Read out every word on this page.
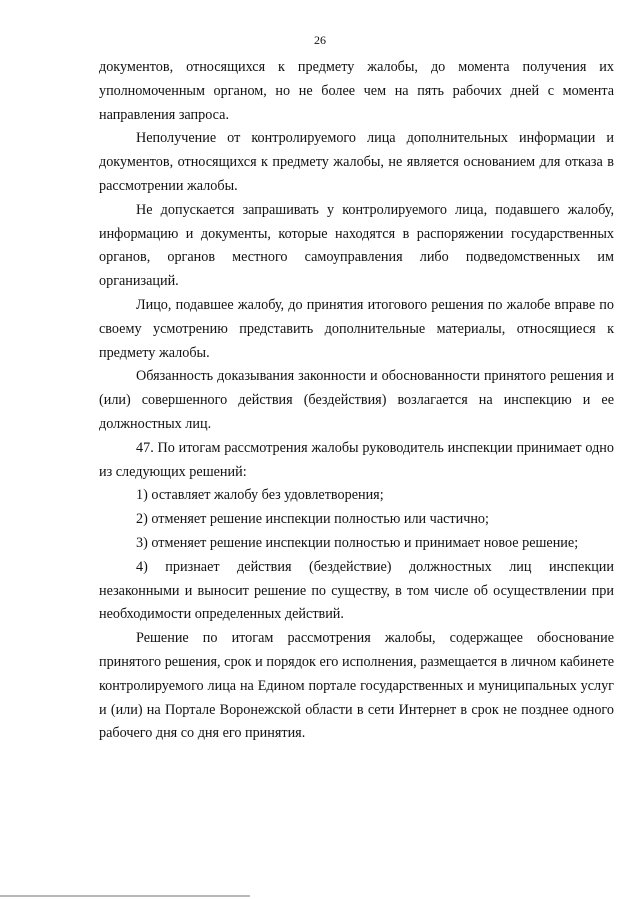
26

документов, относящихся к предмету жалобы, до момента получения их уполномоченным органом, но не более чем на пять рабочих дней с момента направления запроса.

Неполучение от контролируемого лица дополнительных информации и документов, относящихся к предмету жалобы, не является основанием для отказа в рассмотрении жалобы.

Не допускается запрашивать у контролируемого лица, подавшего жалобу, информацию и документы, которые находятся в распоряжении государственных органов, органов местного самоуправления либо подведомственных им организаций.

Лицо, подавшее жалобу, до принятия итогового решения по жалобе вправе по своему усмотрению представить дополнительные материалы, относящиеся к предмету жалобы.

Обязанность доказывания законности и обоснованности принятого решения и (или) совершенного действия (бездействия) возлагается на инспекцию и ее должностных лиц.

47. По итогам рассмотрения жалобы руководитель инспекции принимает одно из следующих решений:

1) оставляет жалобу без удовлетворения;

2) отменяет решение инспекции полностью или частично;

3) отменяет решение инспекции полностью и принимает новое решение;

4) признает действия (бездействие) должностных лиц инспекции незаконными и выносит решение по существу, в том числе об осуществлении при необходимости определенных действий.

Решение по итогам рассмотрения жалобы, содержащее обоснование принятого решения, срок и порядок его исполнения, размещается в личном кабинете контролируемого лица на Едином портале государственных и муниципальных услуг и (или) на Портале Воронежской области в сети Интернет в срок не позднее одного рабочего дня со дня его принятия.
